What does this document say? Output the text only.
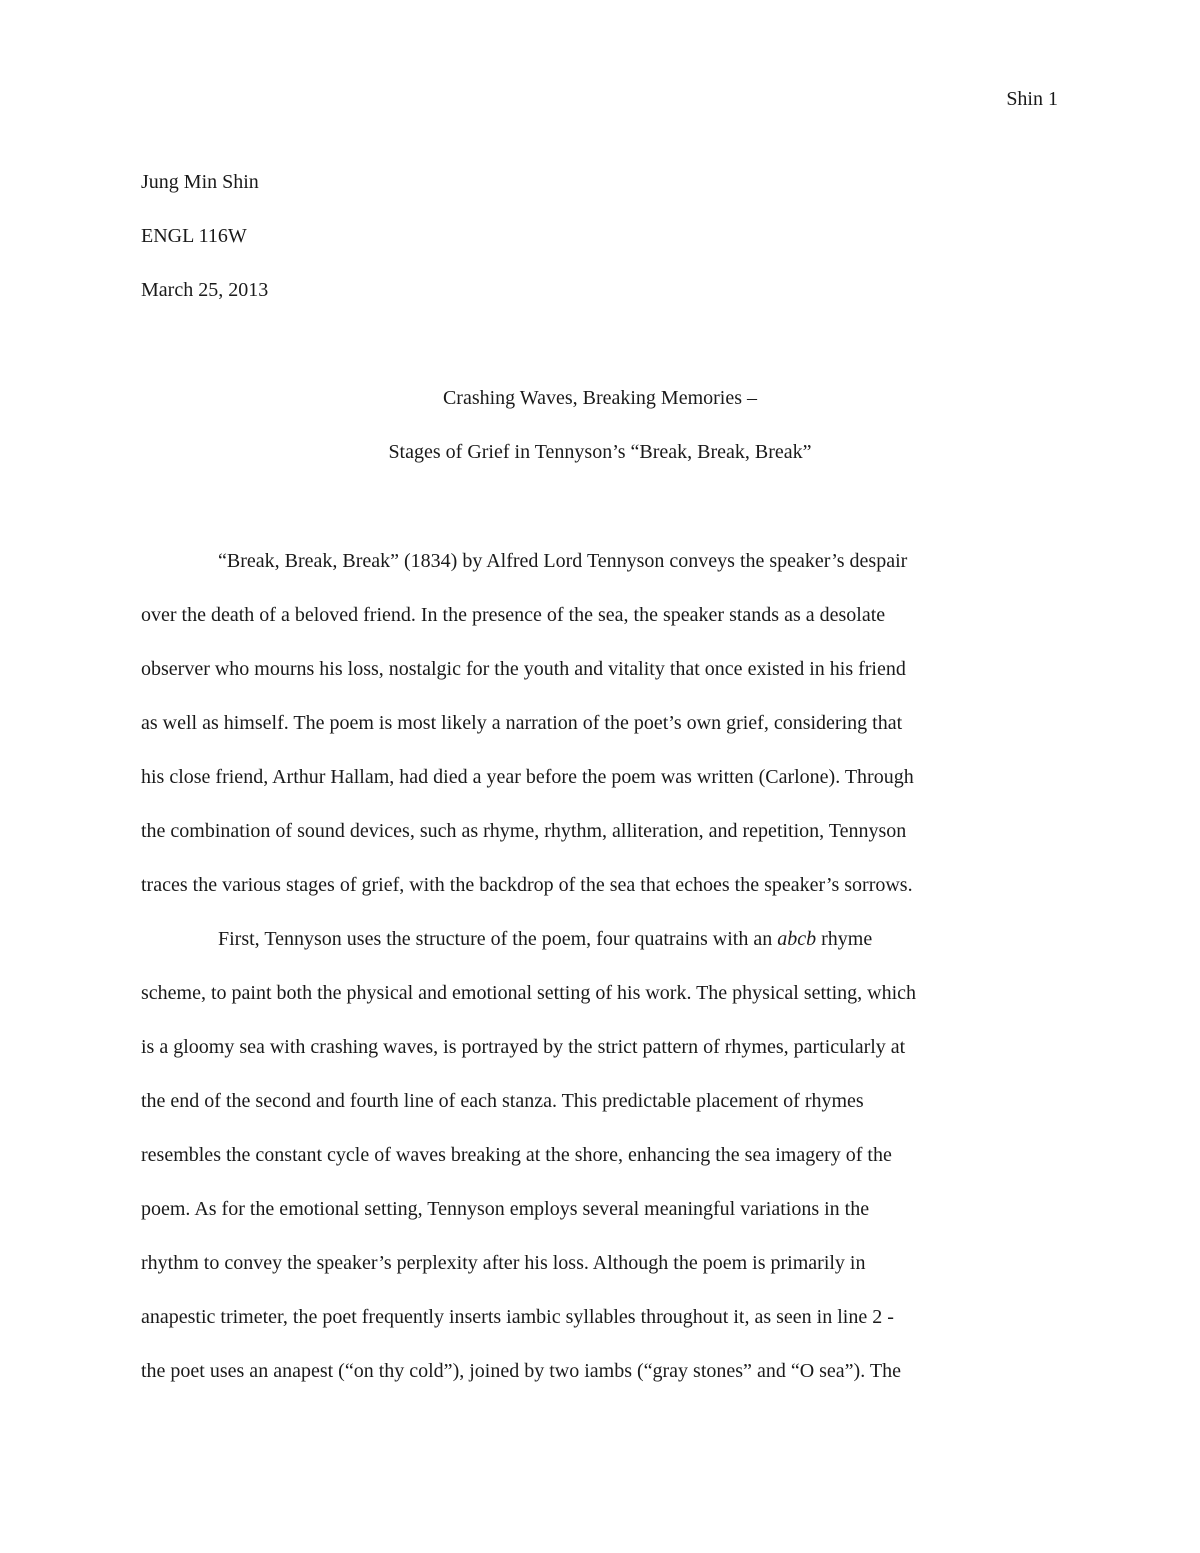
Shin 1
Jung Min Shin
ENGL 116W
March 25, 2013
Crashing Waves, Breaking Memories –
Stages of Grief in Tennyson’s “Break, Break, Break”
“Break, Break, Break” (1834) by Alfred Lord Tennyson conveys the speaker’s despair
over the death of a beloved friend. In the presence of the sea, the speaker stands as a desolate
observer who mourns his loss, nostalgic for the youth and vitality that once existed in his friend
as well as himself. The poem is most likely a narration of the poet’s own grief, considering that
his close friend, Arthur Hallam, had died a year before the poem was written (Carlone). Through
the combination of sound devices, such as rhyme, rhythm, alliteration, and repetition, Tennyson
traces the various stages of grief, with the backdrop of the sea that echoes the speaker’s sorrows.
First, Tennyson uses the structure of the poem, four quatrains with an abcb rhyme
scheme, to paint both the physical and emotional setting of his work. The physical setting, which
is a gloomy sea with crashing waves, is portrayed by the strict pattern of rhymes, particularly at
the end of the second and fourth line of each stanza. This predictable placement of rhymes
resembles the constant cycle of waves breaking at the shore, enhancing the sea imagery of the
poem. As for the emotional setting, Tennyson employs several meaningful variations in the
rhythm to convey the speaker’s perplexity after his loss. Although the poem is primarily in
anapestic trimeter, the poet frequently inserts iambic syllables throughout it, as seen in line 2 -
the poet uses an anapest (“on thy cold”), joined by two iambs (“gray stones” and “O sea”). The
